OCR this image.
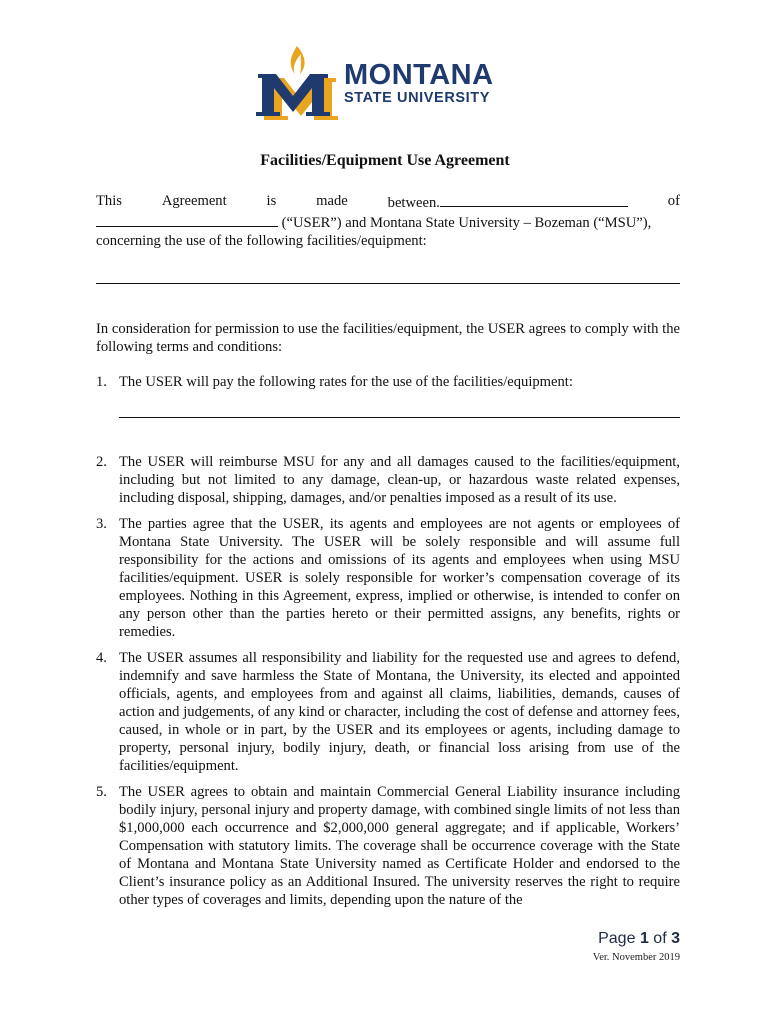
MONTANA
STATE UNIVERSITY
Facilities/Equipment Use Agreement
This	Agreement	is	made	between.	of
(“USER”) and Montana State University – Bozeman (“MSU”),
concerning the use of the following facilities/equipment:
In consideration for permission to use the facilities/equipment, the USER agrees to comply with the following terms and conditions:
1. The USER will pay the following rates for the use of the facilities/equipment:
2. The USER will reimburse MSU for any and all damages caused to the facilities/equipment, including but not limited to any damage, clean-up, or hazardous waste related expenses, including disposal, shipping, damages, and/or penalties imposed as a result of its use.
3. The parties agree that the USER, its agents and employees are not agents or employees of Montana State University. The USER will be solely responsible and will assume full responsibility for the actions and omissions of its agents and employees when using MSU facilities/equipment. USER is solely responsible for worker’s compensation coverage of its employees. Nothing in this Agreement, express, implied or otherwise, is intended to confer on any person other than the parties hereto or their permitted assigns, any benefits, rights or remedies.
4. The USER assumes all responsibility and liability for the requested use and agrees to defend, indemnify and save harmless the State of Montana, the University, its elected and appointed officials, agents, and employees from and against all claims, liabilities, demands, causes of action and judgements, of any kind or character, including the cost of defense and attorney fees, caused, in whole or in part, by the USER and its employees or agents, including damage to property, personal injury, bodily injury, death, or financial loss arising from use of the facilities/equipment.
5. The USER agrees to obtain and maintain Commercial General Liability insurance including bodily injury, personal injury and property damage, with combined single limits of not less than $1,000,000 each occurrence and $2,000,000 general aggregate; and if applicable, Workers’ Compensation with statutory limits. The coverage shall be occurrence coverage with the State of Montana and Montana State University named as Certificate Holder and endorsed to the Client’s insurance policy as an Additional Insured. The university reserves the right to require other types of coverages and limits, depending upon the nature of the
Page 1 of 3
Ver. November 2019
